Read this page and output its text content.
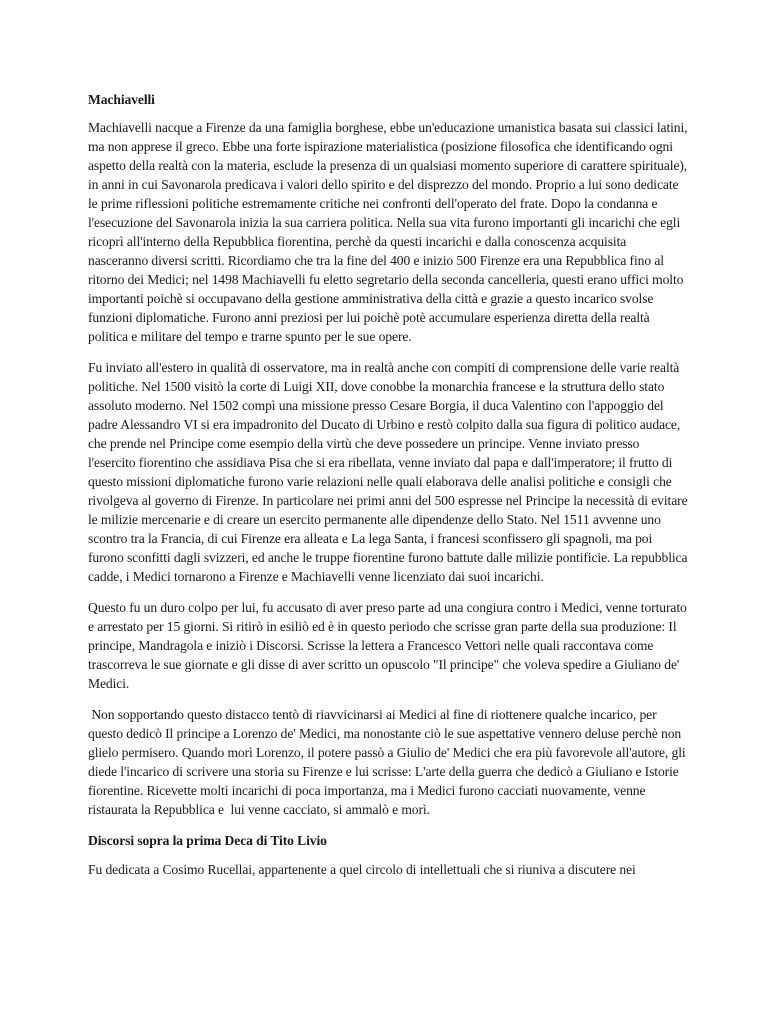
Machiavelli

Machiavelli nacque a Firenze da una famiglia borghese, ebbe un'educazione umanistica basata sui classici latini, ma non apprese il greco. Ebbe una forte ispirazione materialistica (posizione filosofica che identificando ogni aspetto della realtà con la materia, esclude la presenza di un qualsiasi momento superiore di carattere spirituale), in anni in cui Savonarola predicava i valori dello spirito e del disprezzo del mondo. Proprio a lui sono dedicate le prime riflessioni politiche estremamente critiche nei confronti dell'operato del frate. Dopo la condanna e l'esecuzione del Savonarola inizia la sua carriera politica. Nella sua vita furono importanti gli incarichi che egli ricoprì all'interno della Repubblica fiorentina, perchè da questi incarichi e dalla conoscenza acquisita nasceranno diversi scritti. Ricordiamo che tra la fine del 400 e inizio 500 Firenze era una Repubblica fino al ritorno dei Medici; nel 1498 Machiavelli fu eletto segretario della seconda cancelleria, questi erano uffici molto importanti poichè si occupavano della gestione amministrativa della città e grazie a questo incarico svolse funzioni diplomatiche. Furono anni preziosi per lui poichè potè accumulare esperienza diretta della realtà politica e militare del tempo e trarne spunto per le sue opere.

Fu inviato all'estero in qualità di osservatore, ma in realtà anche con compiti di comprensione delle varie realtà politiche. Nel 1500 visitò la corte di Luigi XII, dove conobbe la monarchia francese e la struttura dello stato assoluto moderno. Nel 1502 compì una missione presso Cesare Borgia, il duca Valentino con l'appoggio del padre Alessandro VI si era impadronito del Ducato di Urbino e restò colpito dalla sua figura di politico audace, che prende nel Principe come esempio della virtù che deve possedere un principe. Venne inviato presso l'esercito fiorentino che assidiava Pisa che si era ribellata, venne inviato dal papa e dall'imperatore; il frutto di questo missioni diplomatiche furono varie relazioni nelle quali elaborava delle analisi politiche e consigli che rivolgeva al governo di Firenze. In particolare nei primi anni del 500 espresse nel Principe la necessità di evitare le milizie mercenarie e di creare un esercito permanente alle dipendenze dello Stato. Nel 1511 avvenne uno scontro tra la Francia, di cui Firenze era alleata e La lega Santa, i francesi sconfissero gli spagnoli, ma poi furono sconfitti dagli svizzeri, ed anche le truppe fiorentine furono battute dalle milizie pontificie. La repubblica cadde, i Medici tornarono a Firenze e Machiavelli venne licenziato dai suoi incarichi.

Questo fu un duro colpo per lui, fu accusato di aver preso parte ad una congiura contro i Medici, venne torturato e arrestato per 15 giorni. Si ritirò in esiliò ed è in questo periodo che scrisse gran parte della sua produzione: Il principe, Mandragola e iniziò i Discorsi. Scrisse la lettera a Francesco Vettori nelle quali raccontava come trascorreva le sue giornate e gli disse di aver scritto un opuscolo "Il principe" che voleva spedire a Giuliano de' Medici.

Non sopportando questo distacco tentò di riavvicinarsi ai Medici al fine di riottenere qualche incarico, per questo dedicò Il principe a Lorenzo de' Medici, ma nonostante ciò le sue aspettative vennero deluse perchè non glielo permisero. Quando morì Lorenzo, il potere passò a Giulio de' Medici che era più favorevole all'autore, gli diede l'incarico di scrivere una storia su Firenze e lui scrisse: L'arte della guerra che dedicò a Giuliano e Istorie fiorentine. Ricevette molti incarichi di poca importanza, ma i Medici furono cacciati nuovamente, venne ristaurata la Repubblica e  lui venne cacciato, si ammalò e morì.

Discorsi sopra la prima Deca di Tito Livio

Fu dedicata a Cosimo Rucellai, appartenente a quel circolo di intellettuali che si riuniva a discutere nei
